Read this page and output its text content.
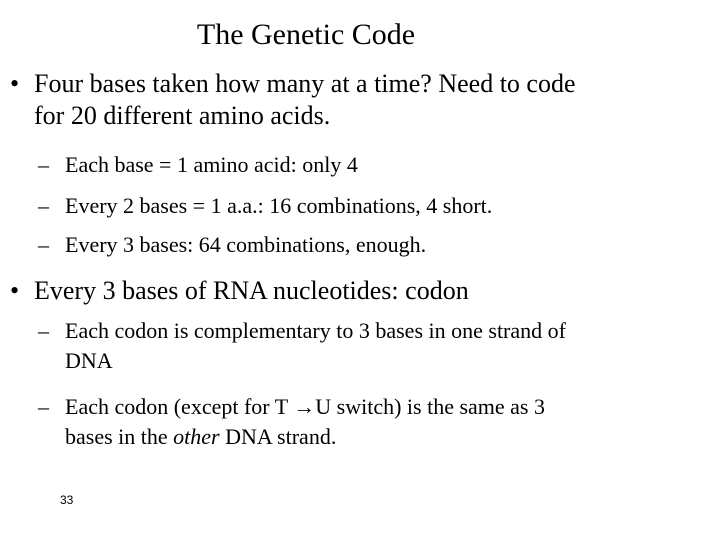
The Genetic Code
• Four bases taken how many at a time? Need to code
for 20 different amino acids.
– Each base = 1 amino acid: only 4
– Every 2 bases = 1 a.a.: 16 combinations, 4 short.
– Every 3 bases: 64 combinations, enough.
• Every 3 bases of RNA nucleotides: codon
– Each codon is complementary to 3 bases in one strand of
DNA
– Each codon (except for T →U switch) is the same as 3
bases in the other DNA strand.
33
